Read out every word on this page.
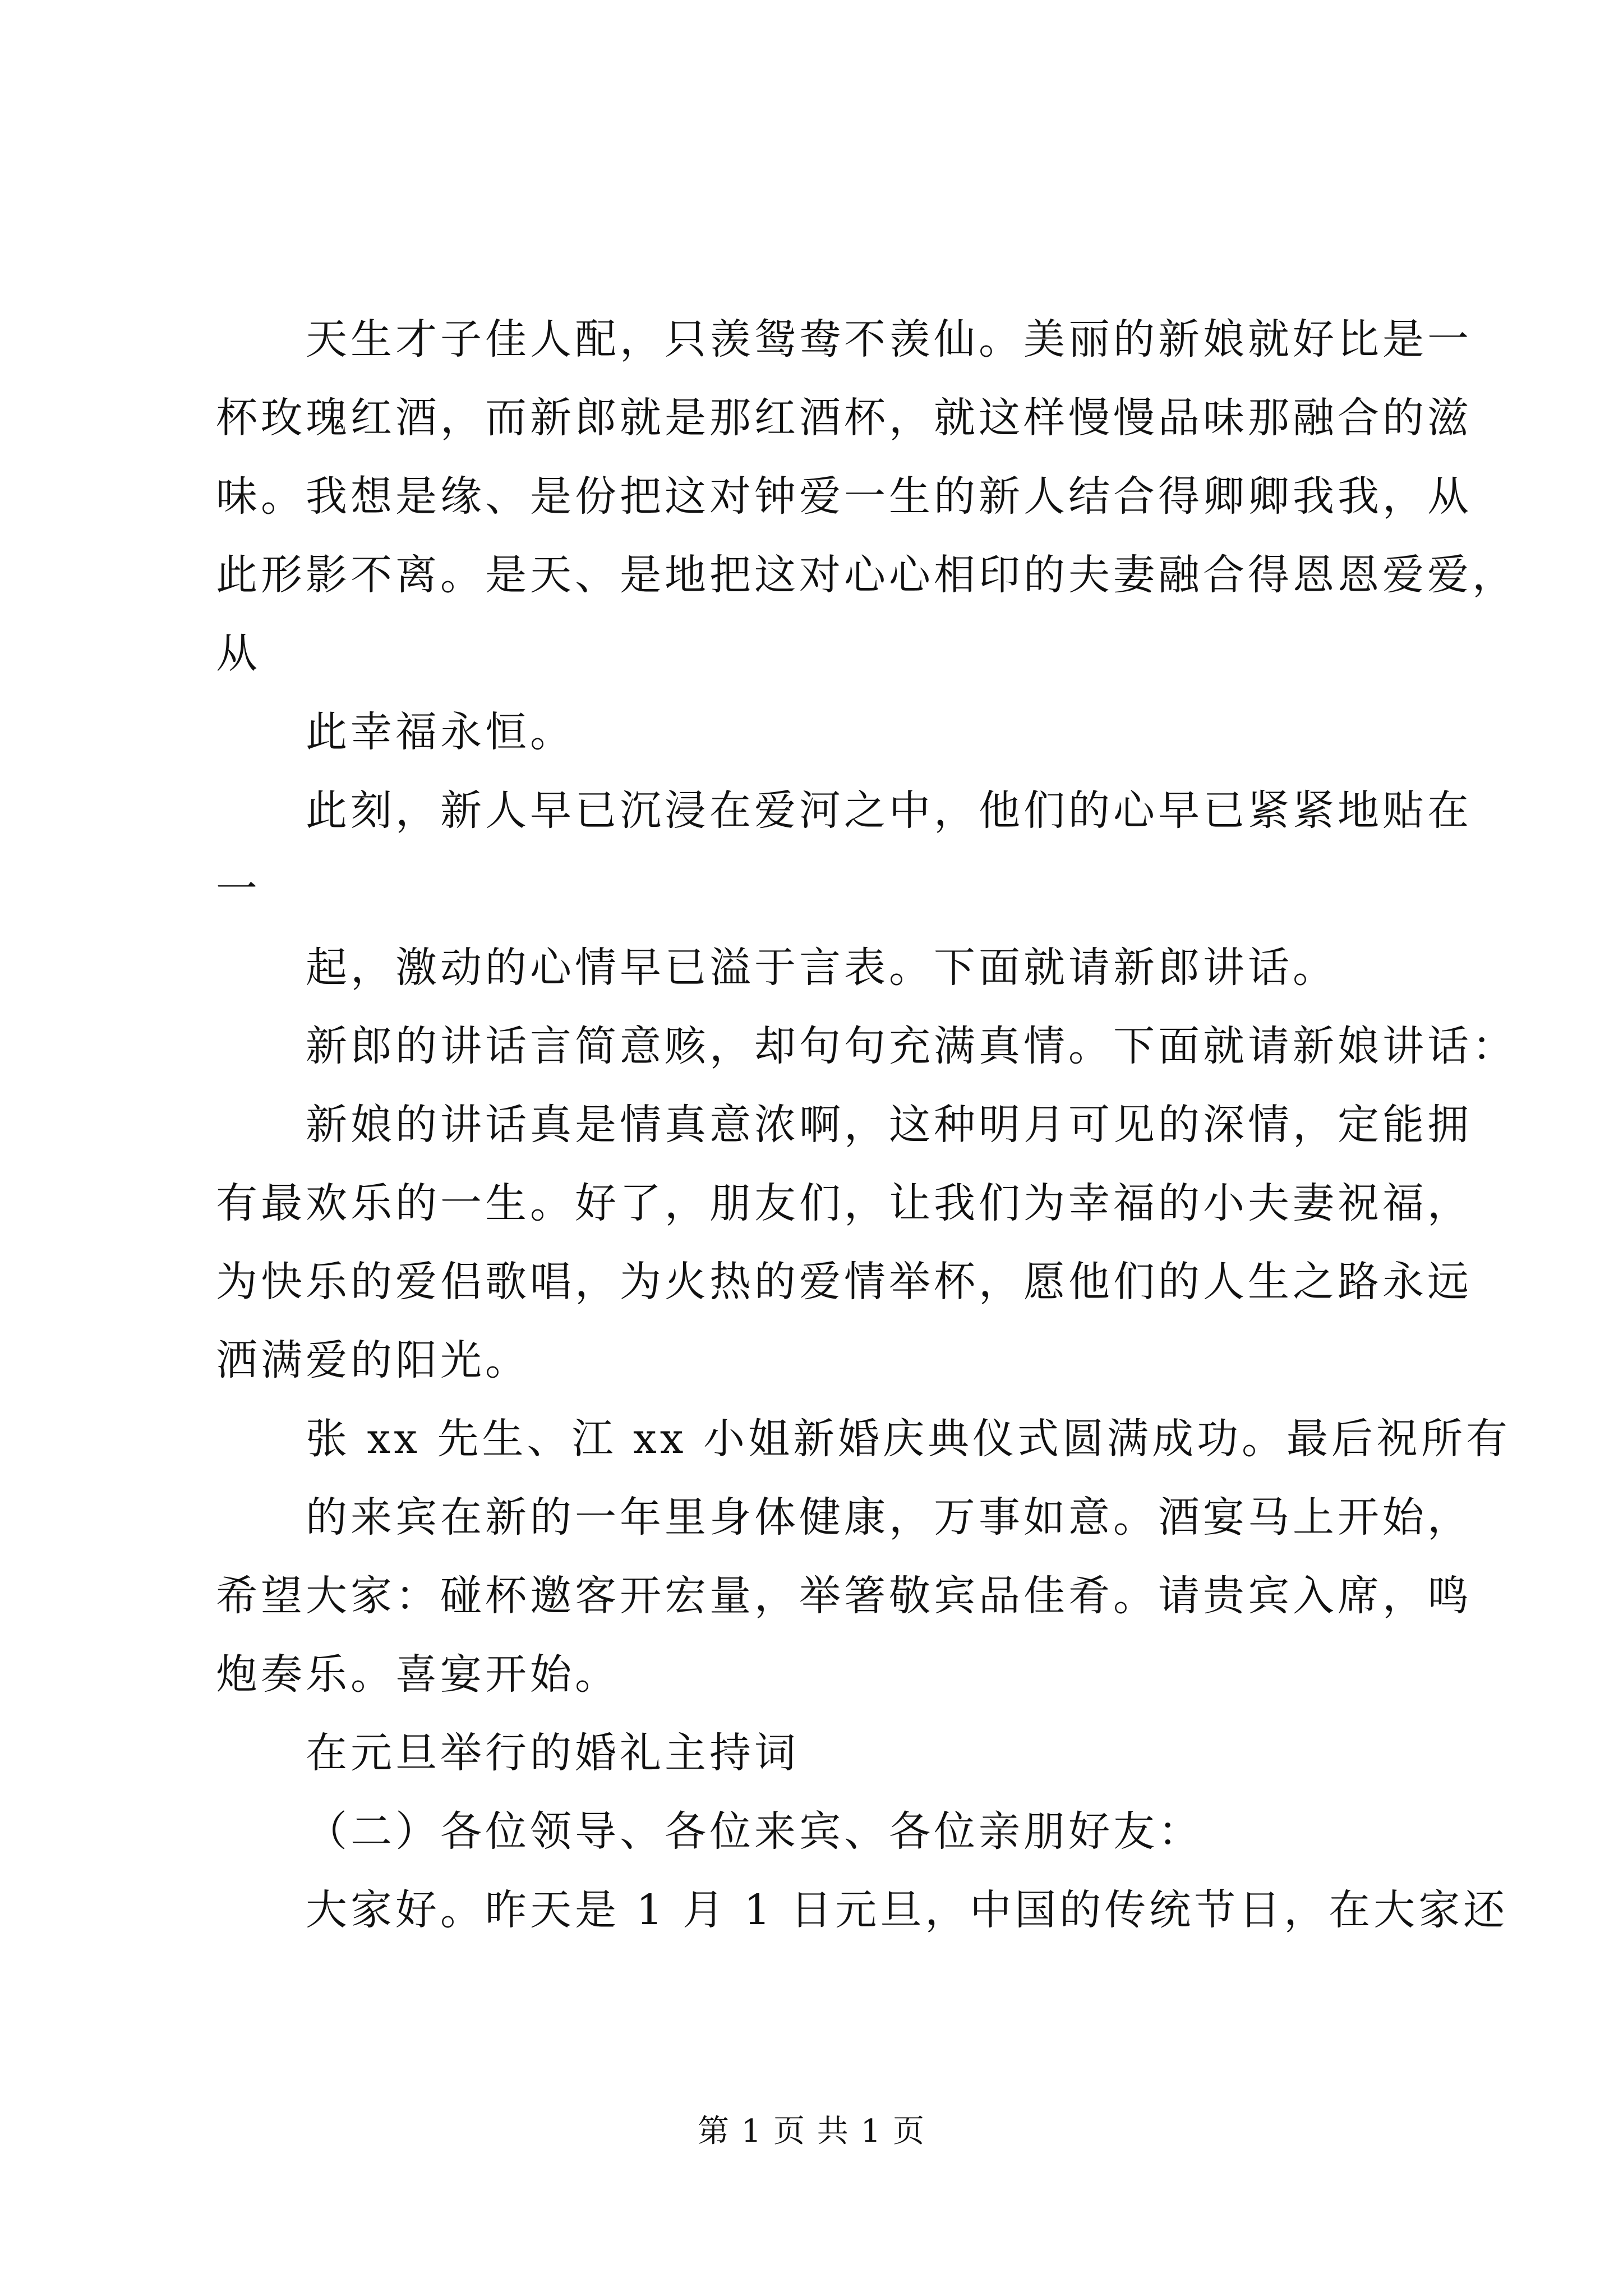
天生才子佳人配，只羡鸳鸯不羡仙。美丽的新娘就好比是一
杯玫瑰红酒，而新郎就是那红酒杯，就这样慢慢品味那融合的滋
味。我想是缘、是份把这对钟爱一生的新人结合得卿卿我我，从
此形影不离。是天、是地把这对心心相印的夫妻融合得恩恩爱爱，
从
此幸福永恒。
此刻，新人早已沉浸在爱河之中，他们的心早已紧紧地贴在
一
起，激动的心情早已溢于言表。下面就请新郎讲话。
新郎的讲话言简意赅，却句句充满真情。下面就请新娘讲话：
新娘的讲话真是情真意浓啊，这种明月可见的深情，定能拥
有最欢乐的一生。好了，朋友们，让我们为幸福的小夫妻祝福，
为快乐的爱侣歌唱，为火热的爱情举杯，愿他们的人生之路永远
洒满爱的阳光。
张 xx 先生、江 xx 小姐新婚庆典仪式圆满成功。最后祝所有
的来宾在新的一年里身体健康，万事如意。酒宴马上开始，
希望大家：碰杯邀客开宏量，举箸敬宾品佳肴。请贵宾入席，鸣
炮奏乐。喜宴开始。
在元旦举行的婚礼主持词
（二）各位领导、各位来宾、各位亲朋好友：
大家好。昨天是 1 月 1 日元旦，中国的传统节日，在大家还
第 1 页 共 1 页
